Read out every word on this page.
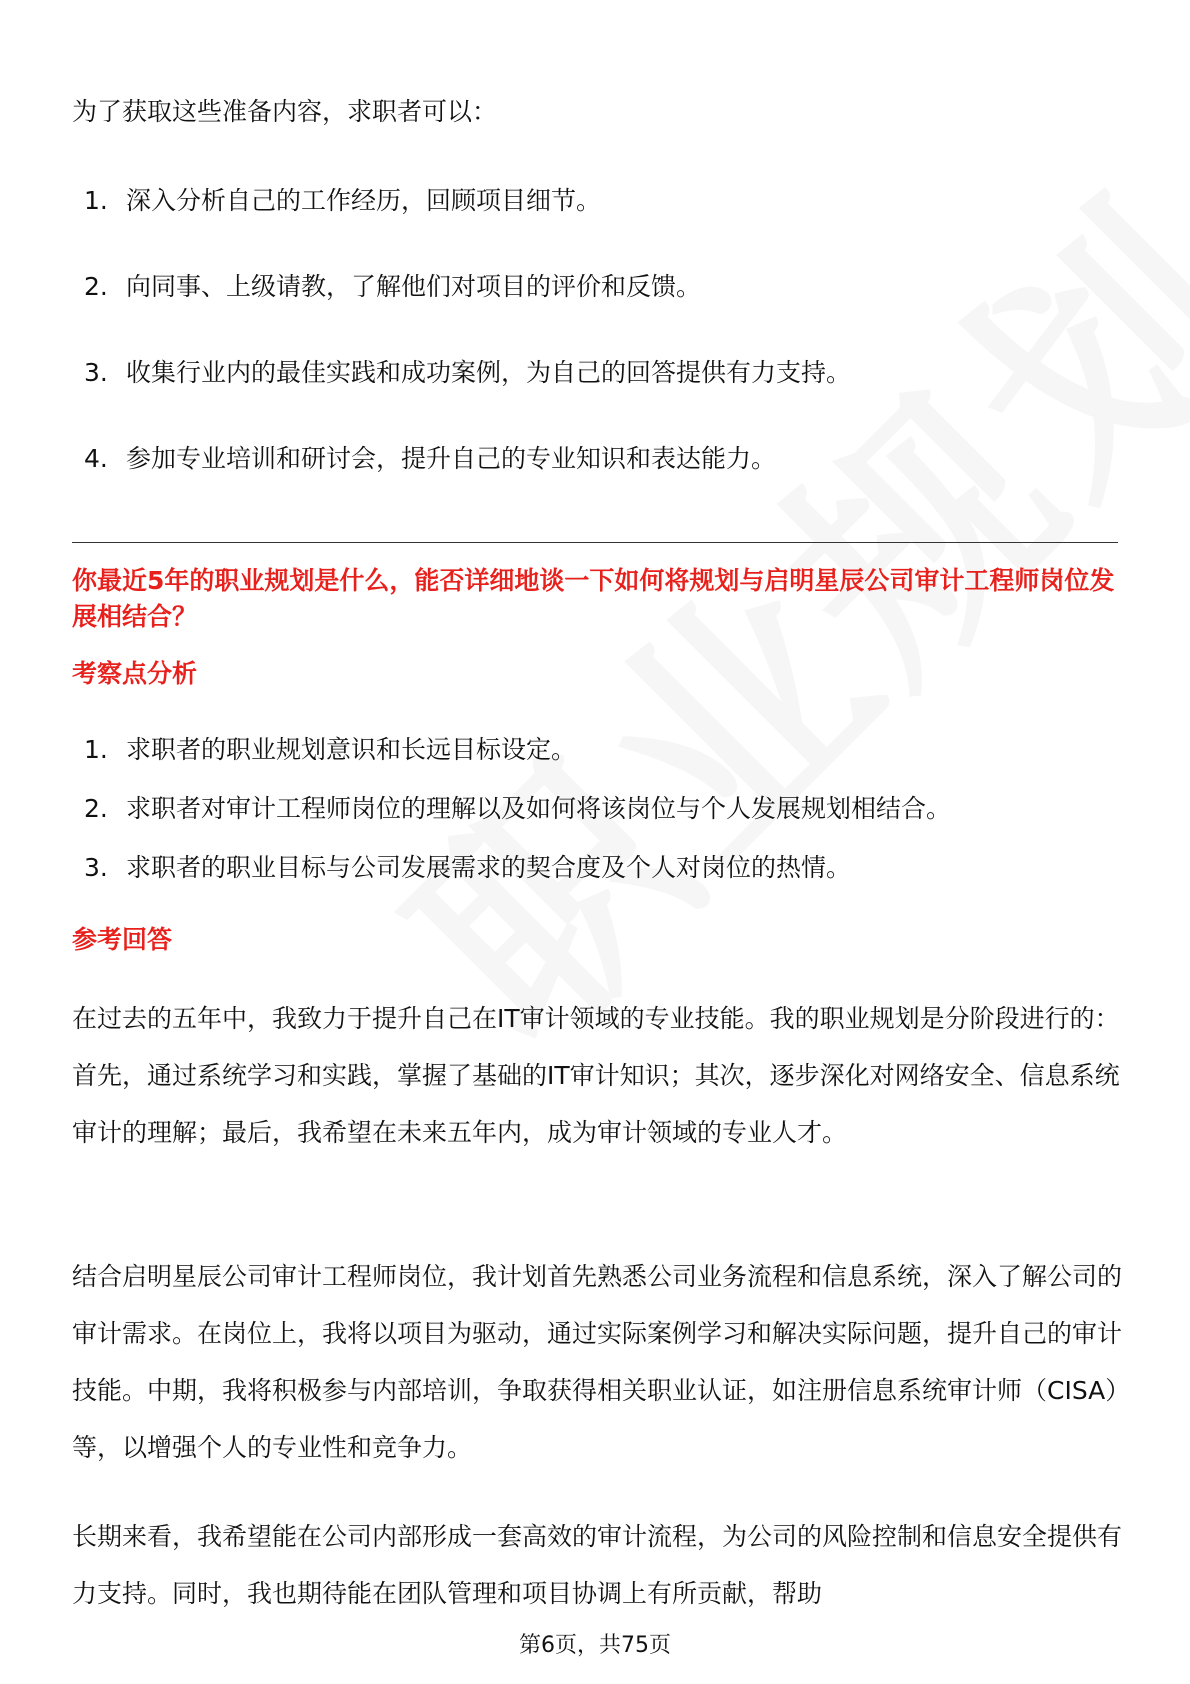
为了获取这些准备内容，求职者可以：
1. 深入分析自己的工作经历，回顾项目细节。
2. 向同事、上级请教，了解他们对项目的评价和反馈。
3. 收集行业内的最佳实践和成功案例，为自己的回答提供有力支持。
4. 参加专业培训和研讨会，提升自己的专业知识和表达能力。
你最近5年的职业规划是什么，能否详细地谈一下如何将规划与启明星辰公司审计工程师岗位发展相结合？
考察点分析
1. 求职者的职业规划意识和长远目标设定。
2. 求职者对审计工程师岗位的理解以及如何将该岗位与个人发展规划相结合。
3. 求职者的职业目标与公司发展需求的契合度及个人对岗位的热情。
参考回答

在过去的五年中，我致力于提升自己在IT审计领域的专业技能。我的职业规划是分阶段进行的：首先，通过系统学习和实践，掌握了基础的IT审计知识；其次，逐步深化对网络安全、信息系统审计的理解；最后，我希望在未来五年内，成为审计领域的专业人才。

结合启明星辰公司审计工程师岗位，我计划首先熟悉公司业务流程和信息系统，深入了解公司的审计需求。在岗位上，我将以项目为驱动，通过实际案例学习和解决实际问题，提升自己的审计技能。中期，我将积极参与内部培训，争取获得相关职业认证，如注册信息系统审计师（CISA）等，以增强个人的专业性和竞争力。

长期来看，我希望能在公司内部形成一套高效的审计流程，为公司的风险控制和信息安全提供有力支持。同时，我也期待能在团队管理和项目协调上有所贡献，帮助

第6页，共75页
